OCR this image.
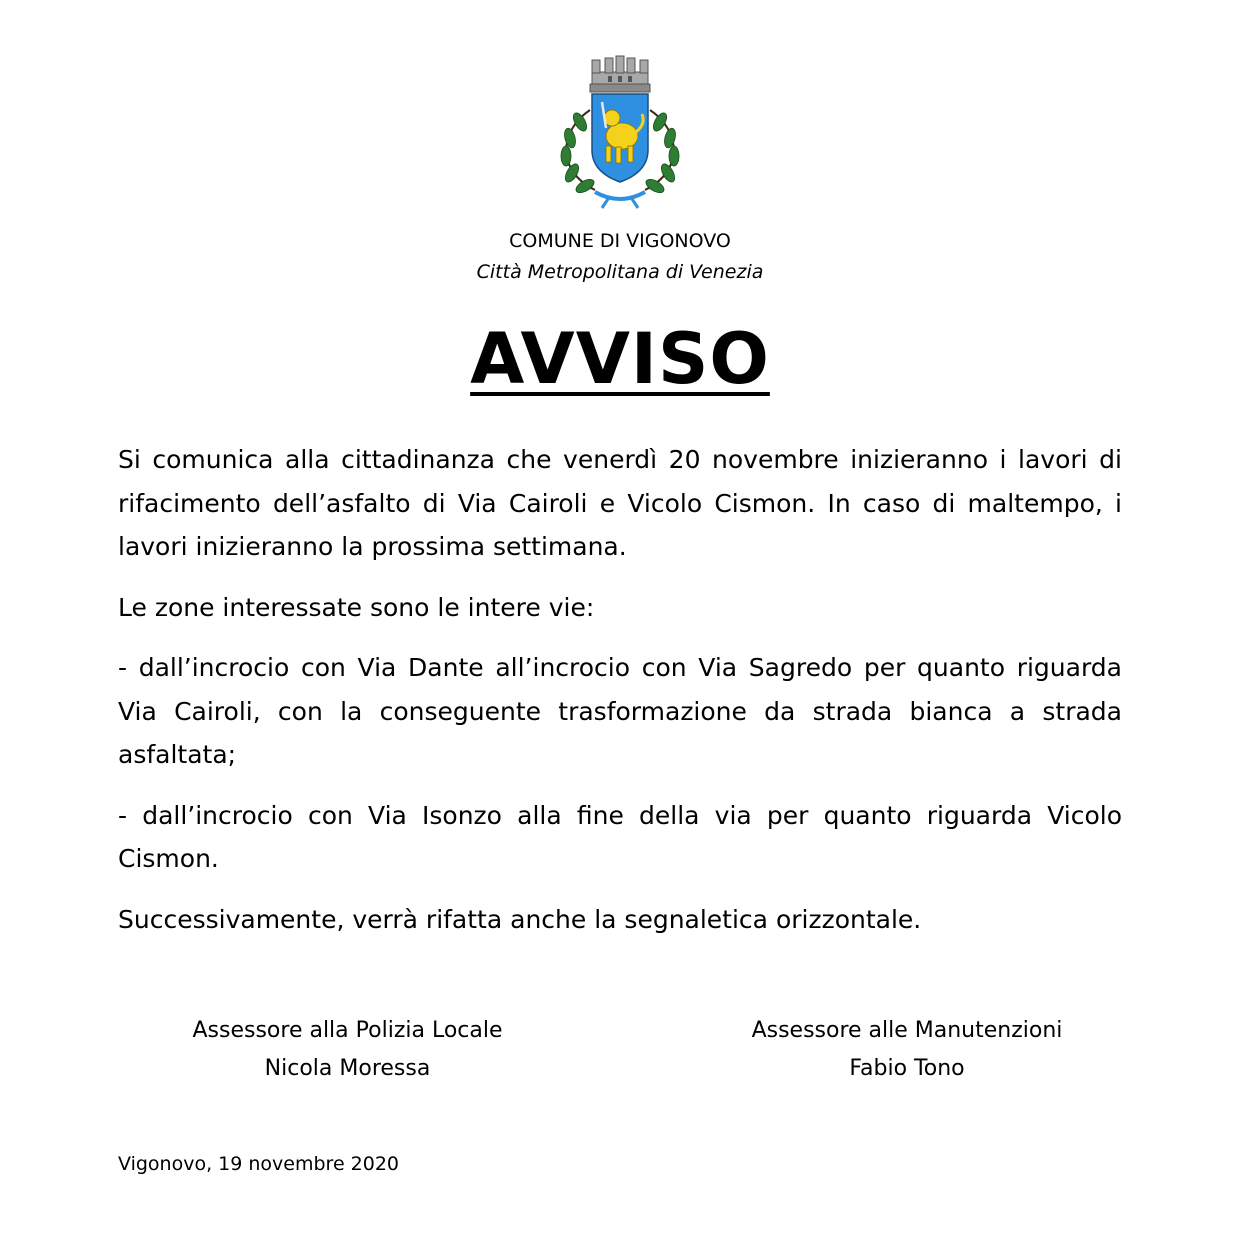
COMUNE DI VIGONOVO
Città Metropolitana di Venezia
AVVISO

Si comunica alla cittadinanza che venerdì 20 novembre inizieranno i lavori di rifacimento dell’asfalto di Via Cairoli e Vicolo Cismon. In caso di maltempo, i lavori inizieranno la prossima settimana.

Le zone interessate sono le intere vie:

- dall’incrocio con Via Dante all’incrocio con Via Sagredo per quanto riguarda Via Cairoli, con la conseguente trasformazione da strada bianca a strada asfaltata;

- dall’incrocio con Via Isonzo alla fine della via per quanto riguarda Vicolo Cismon.

Successivamente, verrà rifatta anche la segnaletica orizzontale.

Assessore alla Polizia Locale
Nicola Moressa
Assessore alle Manutenzioni
Fabio Tono
Vigonovo, 19 novembre 2020
